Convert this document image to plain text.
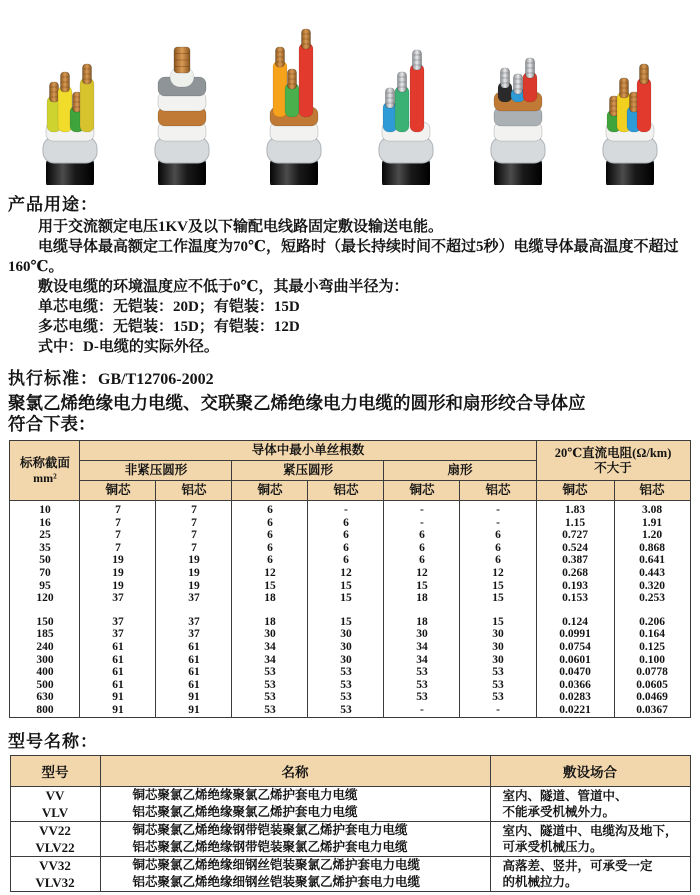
产品用途：

用于交流额定电压1KV及以下输配电线路固定敷设输送电能。

电缆导体最高额定工作温度为70℃，短路时（最长持续时间不超过5秒）电缆导体最高温度不超过160℃。

敷设电缆的环境温度应不低于0℃，其最小弯曲半径为：

单芯电缆：无铠装：20D；有铠装：15D

多芯电缆：无铠装：15D；有铠装：12D

式中：D-电缆的实际外径。

执行标准：GB/T12706-2002
聚氯乙烯绝缘电力电缆、交联聚乙烯绝缘电力电缆的圆形和扇形绞合导体应
符合下表：
标称截面
mm²	导体中最小单丝根数						20℃直流电阻(Ω/km)
不大于	
	非紧压圆形		紧压圆形		扇形			
	铜芯	铝芯	铜芯	铝芯	铜芯	铝芯	铜芯	铝芯
10	7	7	6	-	-	-	1.83	3.08
16	7	7	6	6	-	-	1.15	1.91
25	7	7	6	6	6	6	0.727	1.20
35	7	7	6	6	6	6	0.524	0.868
50	19	19	6	6	6	6	0.387	0.641
70	19	19	12	12	12	12	0.268	0.443
95	19	19	15	15	15	15	0.193	0.320
120	37	37	18	15	18	15	0.153	0.253

150	37	37	18	15	18	15	0.124	0.206
185	37	37	30	30	30	30	0.0991	0.164
240	61	61	34	30	34	30	0.0754	0.125
300	61	61	34	30	34	30	0.0601	0.100
400	61	61	53	53	53	53	0.0470	0.0778
500	61	61	53	53	53	53	0.0366	0.0605
630	91	91	53	53	53	53	0.0283	0.0469
800	91	91	53	53	-	-	0.0221	0.0367
型号名称：
型号	名称	敷设场合
VV	铜芯聚氯乙烯绝缘聚氯乙烯护套电力电缆	室内、隧道、管道中、
不能承受机械外力。
VLV	铝芯聚氯乙烯绝缘聚氯乙烯护套电力电缆	
VV22	铜芯聚氯乙烯绝缘钢带铠装聚氯乙烯护套电力电缆	室内、隧道中、电缆沟及地下，
可承受机械压力。
VLV22	铝芯聚氯乙烯绝缘钢带铠装聚氯乙烯护套电力电缆	
VV32	铜芯聚氯乙烯绝缘细钢丝铠装聚氯乙烯护套电力电缆	高落差、竖井，可承受一定
的机械拉力。
VLV32	铝芯聚氯乙烯绝缘细钢丝铠装聚氯乙烯护套电力电缆	
